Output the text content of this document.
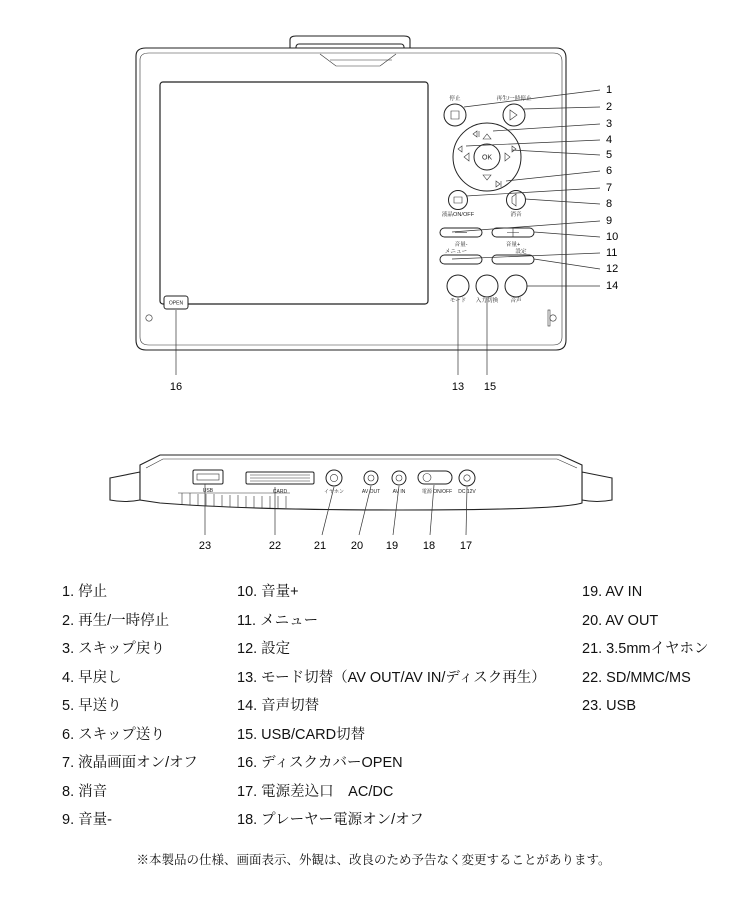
OPEN
停止	再生/一時停止
OK
液晶ON/OFF	消音
音量-	音量+
メニュー	設定
モード 入力切換 音声
1
2
3
4
5
6
7
8
9
10
11
12
14
16	13 15
USB	CARD	イヤホン	AV OUT	AV IN	電源 ON/OFF DC 12V
23	22	21 20 19 18 17
1. 停止
2. 再生/一時停止
3. スキップ戻り
4. 早戻し
5. 早送り
6. スキップ送り
7. 液晶画面オン/オフ
8. 消音
9. 音量-
10. 音量+
11. メニュー
12. 設定
13. モード切替（AV OUT/AV IN/ディスク再生）
14. 音声切替
15. USB/CARD切替
16. ディスクカバーOPEN
17. 電源差込口　AC/DC
18. プレーヤー電源オン/オフ
19. AV IN
20. AV OUT
21. 3.5mmイヤホン
22. SD/MMC/MS
23. USB
※本製品の仕様、画面表示、外観は、改良のため予告なく変更することがあります。
